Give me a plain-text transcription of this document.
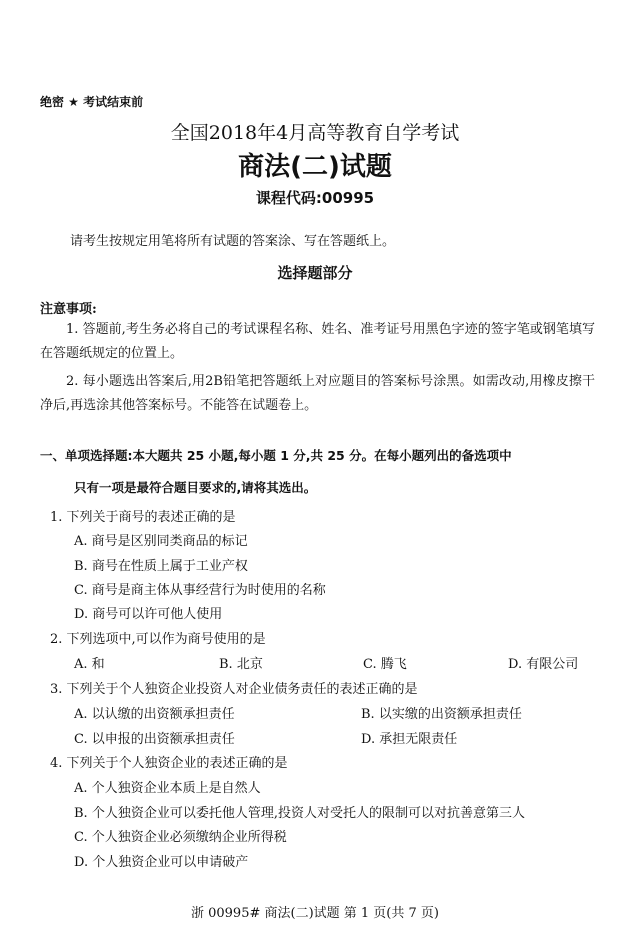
绝密 ★ 考试结束前
全国2018年4月高等教育自学考试
商法(二)试题
课程代码:00995
请考生按规定用笔将所有试题的答案涂、写在答题纸上。
选择题部分
注意事项:
1. 答题前,考生务必将自己的考试课程名称、姓名、准考证号用黑色字迹的签字笔或钢笔填写在答题纸规定的位置上。
2. 每小题选出答案后,用2B铅笔把答题纸上对应题目的答案标号涂黑。如需改动,用橡皮擦干净后,再选涂其他答案标号。不能答在试题卷上。
一、单项选择题:本大题共 25 小题,每小题 1 分,共 25 分。在每小题列出的备选项中
只有一项是最符合题目要求的,请将其选出。
1. 下列关于商号的表述正确的是
A. 商号是区别同类商品的标记
B. 商号在性质上属于工业产权
C. 商号是商主体从事经营行为时使用的名称
D. 商号可以许可他人使用
2. 下列选项中,可以作为商号使用的是
A. 和	B. 北京	C. 腾飞	D. 有限公司
3. 下列关于个人独资企业投资人对企业债务责任的表述正确的是
A. 以认缴的出资额承担责任	B. 以实缴的出资额承担责任
C. 以申报的出资额承担责任	D. 承担无限责任
4. 下列关于个人独资企业的表述正确的是
A. 个人独资企业本质上是自然人
B. 个人独资企业可以委托他人管理,投资人对受托人的限制可以对抗善意第三人
C. 个人独资企业必须缴纳企业所得税
D. 个人独资企业可以申请破产
浙 00995# 商法(二)试题 第 1 页(共 7 页)
